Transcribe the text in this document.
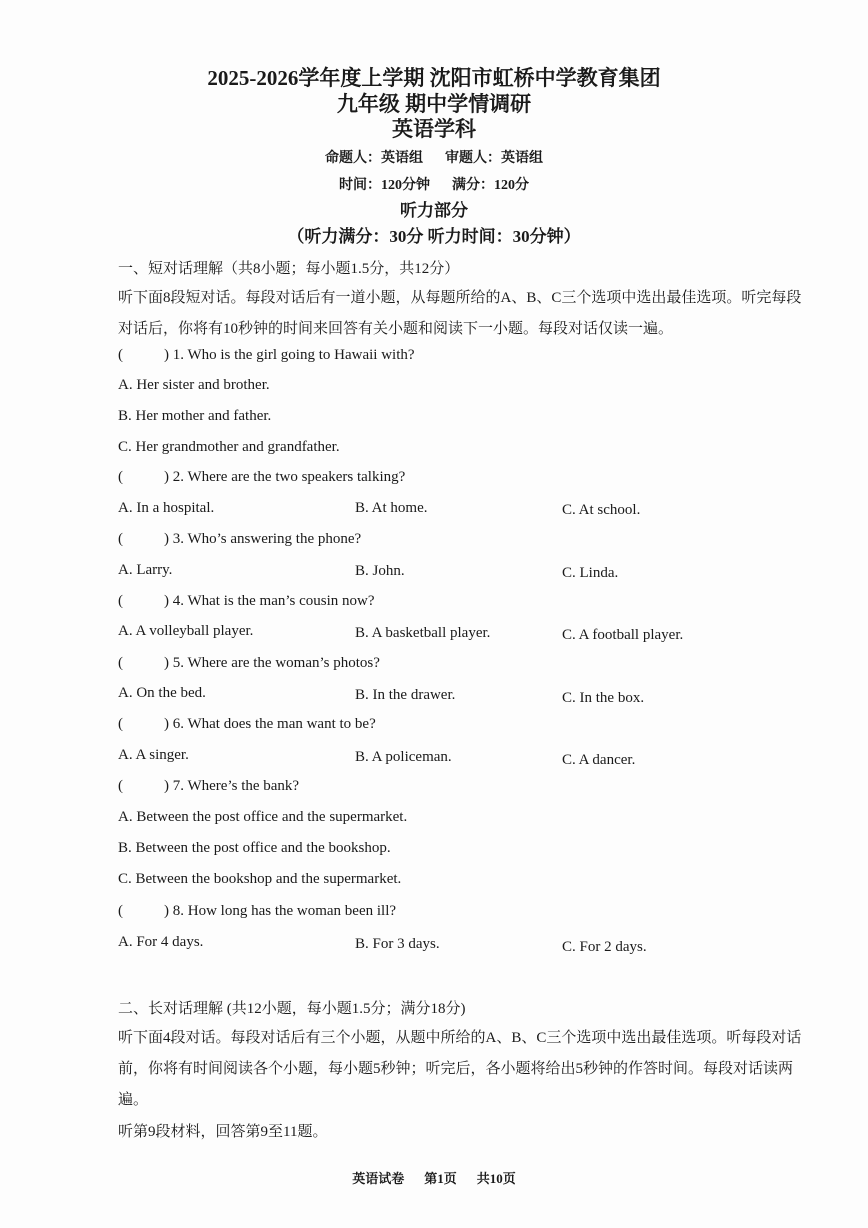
2025-2026学年度上学期 沈阳市虹桥中学教育集团
九年级 期中学情调研
英语学科
命题人：英语组 审题人：英语组
时间：120分钟 满分：120分
听力部分
（听力满分：30分 听力时间：30分钟）
一、短对话理解（共8小题；每小题1.5分，共12分）
听下面8段短对话。每段对话后有一道小题，从每题所给的A、B、C三个选项中选出最佳选项。听完每段对话后，你将有10秒钟的时间来回答有关小题和阅读下一小题。每段对话仅读一遍。
(	) 1. Who is the girl going to Hawaii with?
A. Her sister and brother.
B. Her mother and father.
C. Her grandmother and grandfather.
(	) 2. Where are the two speakers talking?
A. In a hospital.	B. At home.	C. At school.
(	) 3. Who’s answering the phone?
A. Larry.	B. John.	C. Linda.
(	) 4. What is the man’s cousin now?
A. A volleyball player.	B. A basketball player.	C. A football player.
(	) 5. Where are the woman’s photos?
A. On the bed.	B. In the drawer.	C. In the box.
(	) 6. What does the man want to be?
A. A singer.	B. A policeman.	C. A dancer.
(	) 7. Where’s the bank?
A. Between the post office and the supermarket.
B. Between the post office and the bookshop.
C. Between the bookshop and the supermarket.
(	) 8. How long has the woman been ill?
A. For 4 days.	B. For 3 days.	C. For 2 days.
二、长对话理解 (共12小题，每小题1.5分；满分18分)
听下面4段对话。每段对话后有三个小题，从题中所给的A、B、C三个选项中选出最佳选项。听每段对话前，你将有时间阅读各个小题，每小题5秒钟；听完后，各小题将给出5秒钟的作答时间。每段对话读两遍。
听第9段材料，回答第9至11题。
英语试卷 第1页 共10页
